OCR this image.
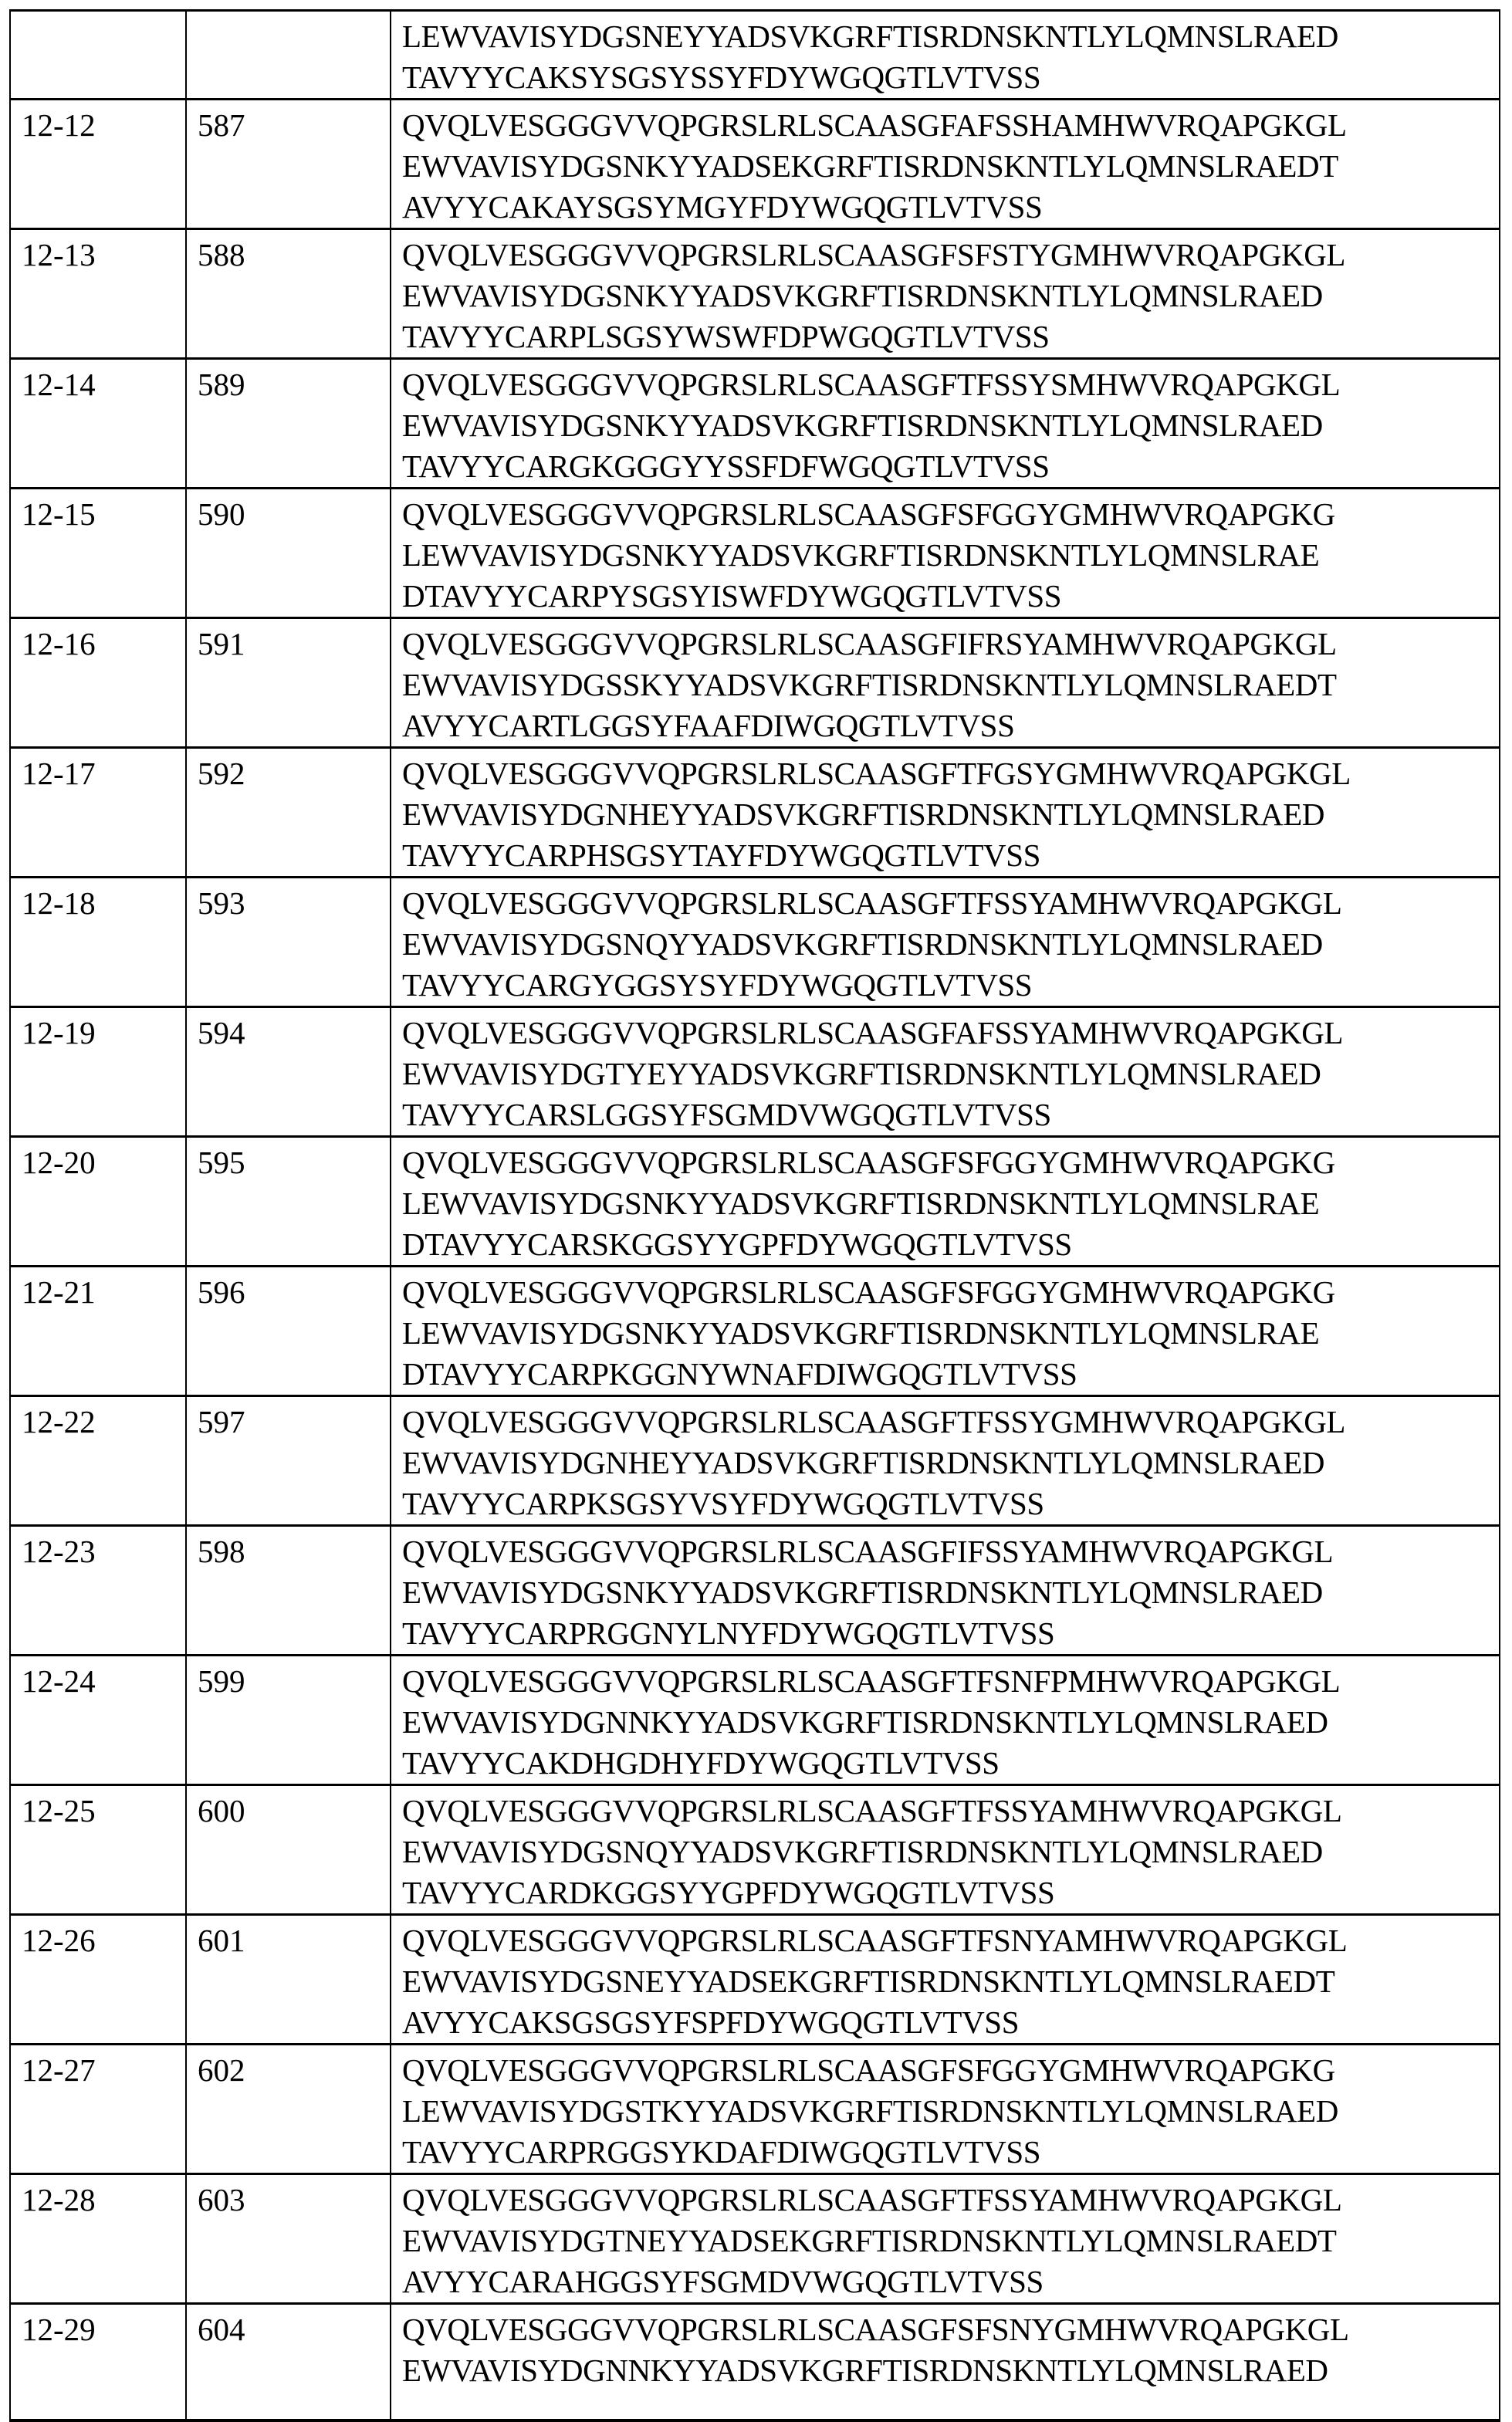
		LEWVAVISYDGSNEYYADSVKGRFTISRDNSKNTLYLQMNSLRAED
TAVYYCAKSYSGSYSSYFDYWGQGTLVTVSS

12-12	587	QVQLVESGGGVVQPGRSLRLSCAASGFAFSSHAMHWVRQAPGKGL
EWVAVISYDGSNKYYADSEKGRFTISRDNSKNTLYLQMNSLRAEDT
AVYYCAKAYSGSYMGYFDYWGQGTLVTVSS

12-13	588	QVQLVESGGGVVQPGRSLRLSCAASGFSFSTYGMHWVRQAPGKGL
EWVAVISYDGSNKYYADSVKGRFTISRDNSKNTLYLQMNSLRAED
TAVYYCARPLSGSYWSWFDPWGQGTLVTVSS

12-14	589	QVQLVESGGGVVQPGRSLRLSCAASGFTFSSYSMHWVRQAPGKGL
EWVAVISYDGSNKYYADSVKGRFTISRDNSKNTLYLQMNSLRAED
TAVYYCARGKGGGYYSSFDFWGQGTLVTVSS

12-15	590	QVQLVESGGGVVQPGRSLRLSCAASGFSFGGYGMHWVRQAPGKG
LEWVAVISYDGSNKYYADSVKGRFTISRDNSKNTLYLQMNSLRAE
DTAVYYCARPYSGSYISWFDYWGQGTLVTVSS

12-16	591	QVQLVESGGGVVQPGRSLRLSCAASGFIFRSYAMHWVRQAPGKGL
EWVAVISYDGSSKYYADSVKGRFTISRDNSKNTLYLQMNSLRAEDT
AVYYCARTLGGSYFAAFDIWGQGTLVTVSS

12-17	592	QVQLVESGGGVVQPGRSLRLSCAASGFTFGSYGMHWVRQAPGKGL
EWVAVISYDGNHEYYADSVKGRFTISRDNSKNTLYLQMNSLRAED
TAVYYCARPHSGSYTAYFDYWGQGTLVTVSS

12-18	593	QVQLVESGGGVVQPGRSLRLSCAASGFTFSSYAMHWVRQAPGKGL
EWVAVISYDGSNQYYADSVKGRFTISRDNSKNTLYLQMNSLRAED
TAVYYCARGYGGSYSYFDYWGQGTLVTVSS

12-19	594	QVQLVESGGGVVQPGRSLRLSCAASGFAFSSYAMHWVRQAPGKGL
EWVAVISYDGTYEYYADSVKGRFTISRDNSKNTLYLQMNSLRAED
TAVYYCARSLGGSYFSGMDVWGQGTLVTVSS

12-20	595	QVQLVESGGGVVQPGRSLRLSCAASGFSFGGYGMHWVRQAPGKG
LEWVAVISYDGSNKYYADSVKGRFTISRDNSKNTLYLQMNSLRAE
DTAVYYCARSKGGSYYGPFDYWGQGTLVTVSS

12-21	596	QVQLVESGGGVVQPGRSLRLSCAASGFSFGGYGMHWVRQAPGKG
LEWVAVISYDGSNKYYADSVKGRFTISRDNSKNTLYLQMNSLRAE
DTAVYYCARPKGGNYWNAFDIWGQGTLVTVSS

12-22	597	QVQLVESGGGVVQPGRSLRLSCAASGFTFSSYGMHWVRQAPGKGL
EWVAVISYDGNHEYYADSVKGRFTISRDNSKNTLYLQMNSLRAED
TAVYYCARPKSGSYVSYFDYWGQGTLVTVSS

12-23	598	QVQLVESGGGVVQPGRSLRLSCAASGFIFSSYAMHWVRQAPGKGL
EWVAVISYDGSNKYYADSVKGRFTISRDNSKNTLYLQMNSLRAED
TAVYYCARPRGGNYLNYFDYWGQGTLVTVSS

12-24	599	QVQLVESGGGVVQPGRSLRLSCAASGFTFSNFPMHWVRQAPGKGL
EWVAVISYDGNNKYYADSVKGRFTISRDNSKNTLYLQMNSLRAED
TAVYYCAKDHGDHYFDYWGQGTLVTVSS

12-25	600	QVQLVESGGGVVQPGRSLRLSCAASGFTFSSYAMHWVRQAPGKGL
EWVAVISYDGSNQYYADSVKGRFTISRDNSKNTLYLQMNSLRAED
TAVYYCARDKGGSYYGPFDYWGQGTLVTVSS

12-26	601	QVQLVESGGGVVQPGRSLRLSCAASGFTFSNYAMHWVRQAPGKGL
EWVAVISYDGSNEYYADSEKGRFTISRDNSKNTLYLQMNSLRAEDT
AVYYCAKSGSGSYFSPFDYWGQGTLVTVSS

12-27	602	QVQLVESGGGVVQPGRSLRLSCAASGFSFGGYGMHWVRQAPGKG
LEWVAVISYDGSTKYYADSVKGRFTISRDNSKNTLYLQMNSLRAED
TAVYYCARPRGGSYKDAFDIWGQGTLVTVSS

12-28	603	QVQLVESGGGVVQPGRSLRLSCAASGFTFSSYAMHWVRQAPGKGL
EWVAVISYDGTNEYYADSEKGRFTISRDNSKNTLYLQMNSLRAEDT
AVYYCARAHGGSYFSGMDVWGQGTLVTVSS

12-29	604	QVQLVESGGGVVQPGRSLRLSCAASGFSFSNYGMHWVRQAPGKGL
EWVAVISYDGNNKYYADSVKGRFTISRDNSKNTLYLQMNSLRAED
